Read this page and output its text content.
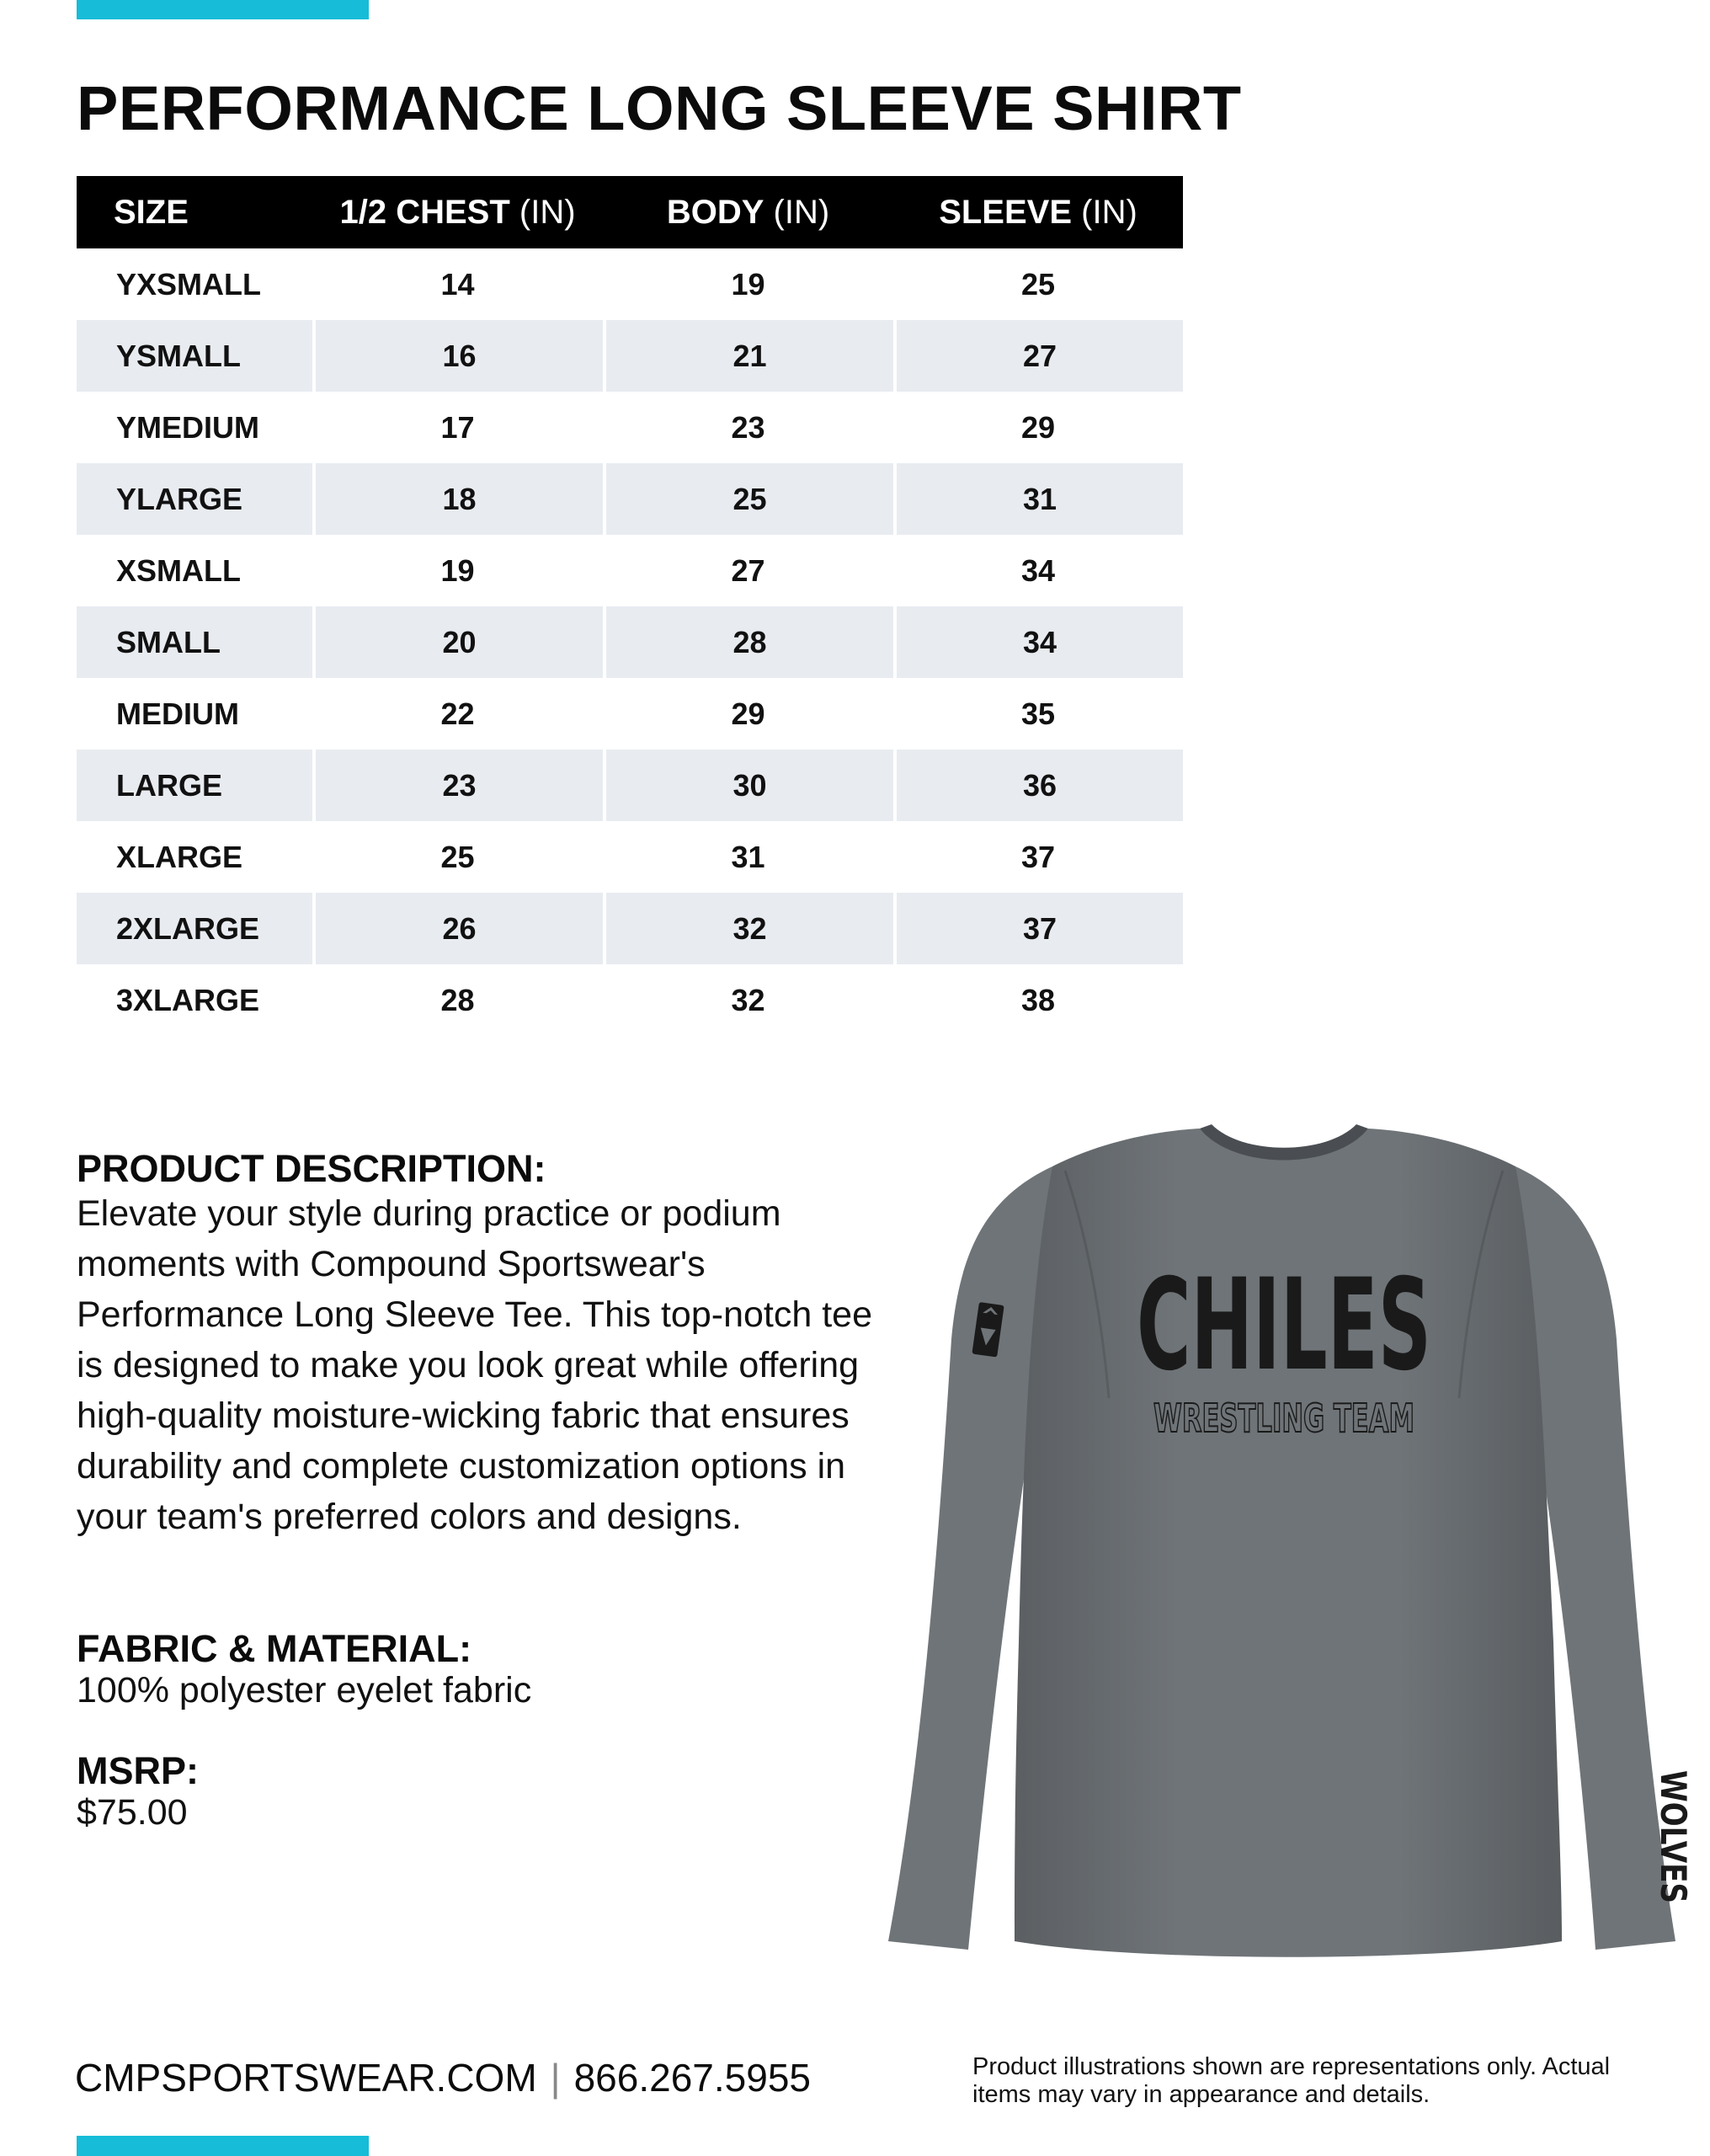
PERFORMANCE LONG SLEEVE SHIRT
SIZE	1/2 CHEST (IN)	BODY (IN)	SLEEVE (IN)
YXSMALL	14	19	25
YSMALL	16	21	27
YMEDIUM	17	23	29
YLARGE	18	25	31
XSMALL	19	27	34
SMALL	20	28	34
MEDIUM	22	29	35
LARGE	23	30	36
XLARGE	25	31	37
2XLARGE	26	32	37
3XLARGE	28	32	38
PRODUCT DESCRIPTION:

Elevate your style during practice or podium moments with Compound Sportswear's Performance Long Sleeve Tee. This top-notch tee is designed to make you look great while offering high-quality moisture-wicking fabric that ensures durability and complete customization options in your team's preferred colors and designs.

FABRIC & MATERIAL:
100% polyester eyelet fabric
MSRP:
$75.00
CHILES
WRESTLING TEAM
WOLVES
CMPSPORTSWEAR.COM | 866.267.5955	Product illustrations shown are representations only. Actual items may vary in appearance and details.
